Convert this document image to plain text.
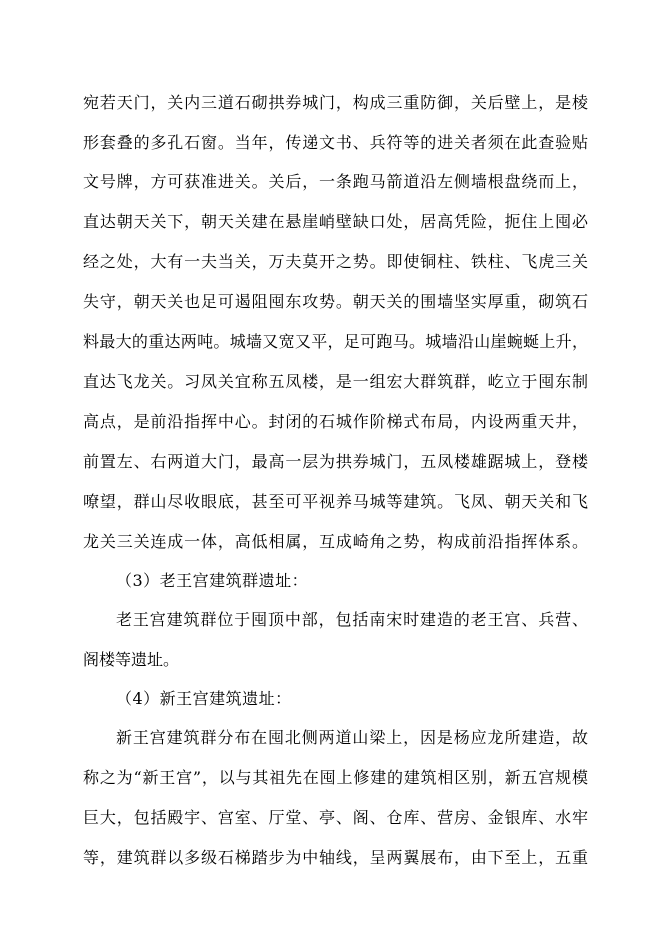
宛若天门，关内三道石砌拱券城门，构成三重防御，关后壁上，是棱
形套叠的多孔石窗。当年，传递文书、兵符等的进关者须在此查验贴
文号牌，方可获准进关。关后，一条跑马箭道沿左侧墙根盘绕而上，
直达朝天关下，朝天关建在悬崖峭壁缺口处，居高凭险，扼住上囤必
经之处，大有一夫当关，万夫莫开之势。即使铜柱、铁柱、飞虎三关
失守，朝天关也足可遏阻囤东攻势。朝天关的围墙坚实厚重，砌筑石
料最大的重达两吨。城墙又宽又平，足可跑马。城墙沿山崖蜿蜒上升，
直达飞龙关。习凤关宜称五凤楼，是一组宏大群筑群，屹立于囤东制
高点，是前沿指挥中心。封闭的石城作阶梯式布局，内设两重天井，
前置左、右两道大门，最高一层为拱券城门，五凤楼雄踞城上，登楼
嘹望，群山尽收眼底，甚至可平视养马城等建筑。飞凤、朝天关和飞
龙关三关连成一体，高低相属，互成崎角之势，构成前沿指挥体系。
（3）老王宫建筑群遗址：
老王宫建筑群位于囤顶中部，包括南宋时建造的老王宫、兵营、
阁楼等遗址。
（4）新王宫建筑遗址：
新王宫建筑群分布在囤北侧两道山梁上，因是杨应龙所建造，故
称之为“新王宫”，以与其祖先在囤上修建的建筑相区别，新五宫规模
巨大，包括殿宇、宫室、厅堂、亭、阁、仓库、营房、金银库、水牢
等，建筑群以多级石梯踏步为中轴线，呈两翼展布，由下至上，五重
